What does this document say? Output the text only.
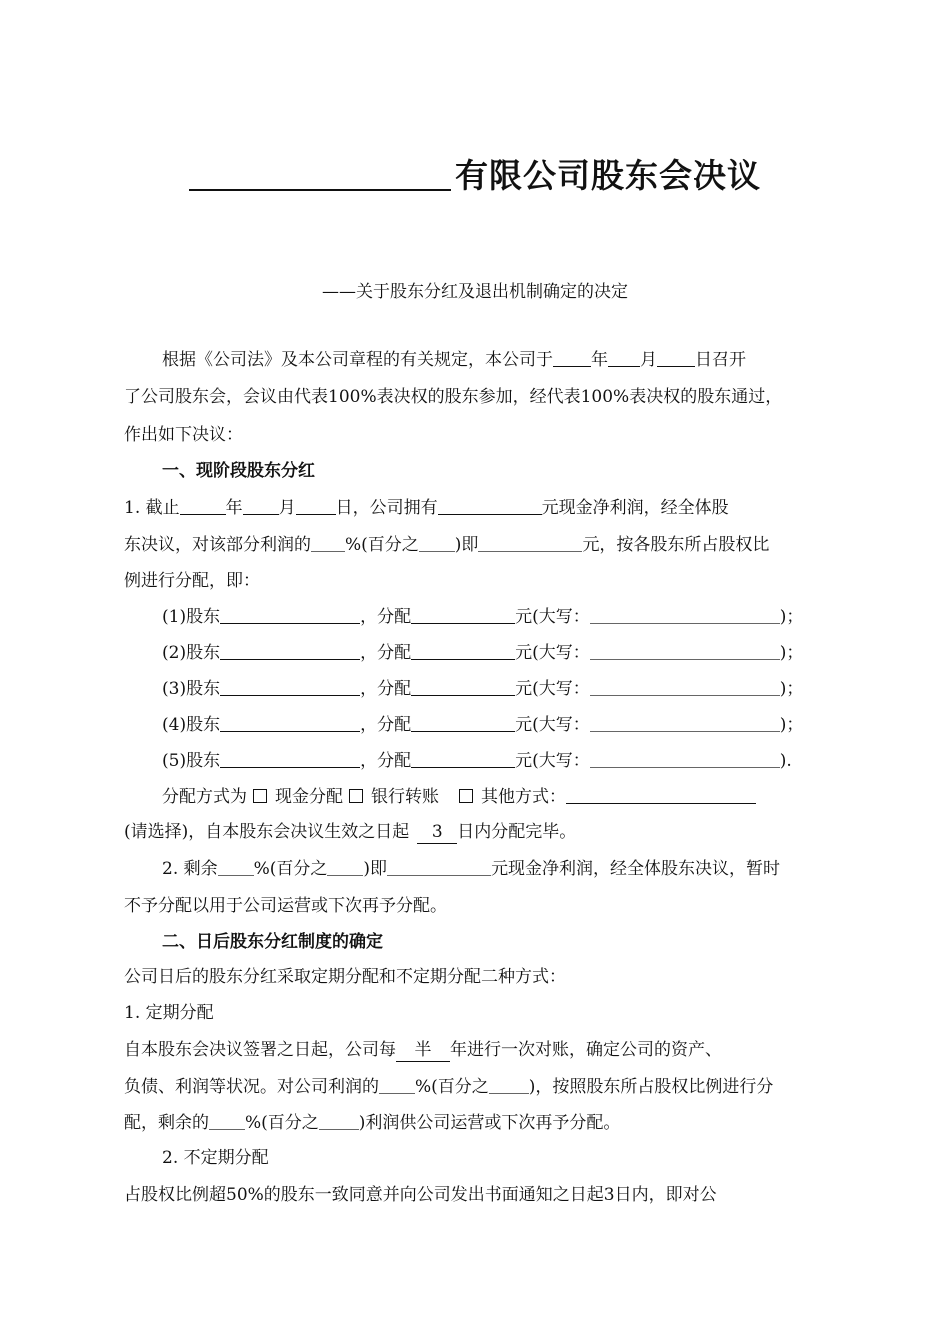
有限公司股东会决议
——关于股东分红及退出机制确定的决定
根据《公司法》及本公司章程的有关规定，本公司于 年 月 日召开
了公司股东会，会议由代表100%表决权的股东参加，经代表100%表决权的股东通过，
作出如下决议：
一、现阶段股东分红
1. 截止	年 月 日，公司拥有	元现金净利润，经全体股
东决议，对该部分利润的 %(百分之 )即	元，按各股东所占股权比
例进行分配，即：
(1)股东	，分配	元(大写：	)；
(2)股东	，分配	元(大写：	)；
(3)股东	，分配	元(大写：	)；
(4)股东	，分配	元(大写：	)；
(5)股东	，分配	元(大写：	).
分配方式为 现金分配 银行转账 其他方式：
(请选择)，自本股东会决议生效之日起 3 日内分配完毕。
2. 剩余 %(百分之 )即	元现金净利润，经全体股东决议，暂时
不予分配以用于公司运营或下次再予分配。
二、日后股东分红制度的确定
公司日后的股东分红采取定期分配和不定期分配二种方式：
1. 定期分配
自本股东会决议签署之日起，公司每 半 年进行一次对账，确定公司的资产、
负债、利润等状况。对公司利润的 %(百分之 )，按照股东所占股权比例进行分
配，剩余的 %(百分之 )利润供公司运营或下次再予分配。
2. 不定期分配
占股权比例超50%的股东一致同意并向公司发出书面通知之日起3日内，即对公
